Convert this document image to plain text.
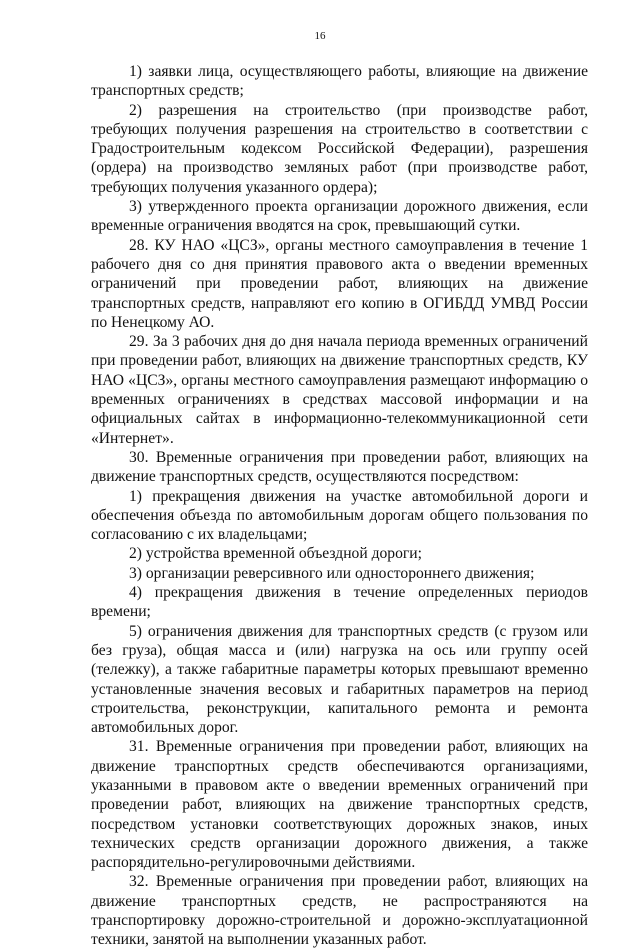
16

1) заявки лица, осуществляющего работы, влияющие на движение транспортных средств;

2) разрешения на строительство (при производстве работ, требующих получения разрешения на строительство в соответствии с Градостроительным кодексом Российской Федерации), разрешения (ордера) на производство земляных работ (при производстве работ, требующих получения указанного ордера);

3) утвержденного проекта организации дорожного движения, если временные ограничения вводятся на срок, превышающий сутки.

28. КУ НАО «ЦСЗ», органы местного самоуправления в течение 1 рабочего дня со дня принятия правового акта о введении временных ограничений при проведении работ, влияющих на движение транспортных средств, направляют его копию в ОГИБДД УМВД России по Ненецкому АО.

29. За 3 рабочих дня до дня начала периода временных ограничений при проведении работ, влияющих на движение транспортных средств, КУ НАО «ЦСЗ», органы местного самоуправления размещают информацию о временных ограничениях в средствах массовой информации и на официальных сайтах в информационно-телекоммуникационной сети «Интернет».

30. Временные ограничения при проведении работ, влияющих на движение транспортных средств, осуществляются посредством:

1) прекращения движения на участке автомобильной дороги и обеспечения объезда по автомобильным дорогам общего пользования по согласованию с их владельцами;

2) устройства временной объездной дороги;

3) организации реверсивного или одностороннего движения;

4) прекращения движения в течение определенных периодов времени;

5) ограничения движения для транспортных средств (с грузом или без груза), общая масса и (или) нагрузка на ось или группу осей (тележку), а также габаритные параметры которых превышают временно установленные значения весовых и габаритных параметров на период строительства, реконструкции, капитального ремонта и ремонта автомобильных дорог.

31. Временные ограничения при проведении работ, влияющих на движение транспортных средств обеспечиваются организациями, указанными в правовом акте о введении временных ограничений при проведении работ, влияющих на движение транспортных средств, посредством установки соответствующих дорожных знаков, иных технических средств организации дорожного движения, а также распорядительно-регулировочными действиями.

32. Временные ограничения при проведении работ, влияющих на движение транспортных средств, не распространяются на транспортировку дорожно-строительной и дорожно-эксплуатационной техники, занятой на выполнении указанных работ.
